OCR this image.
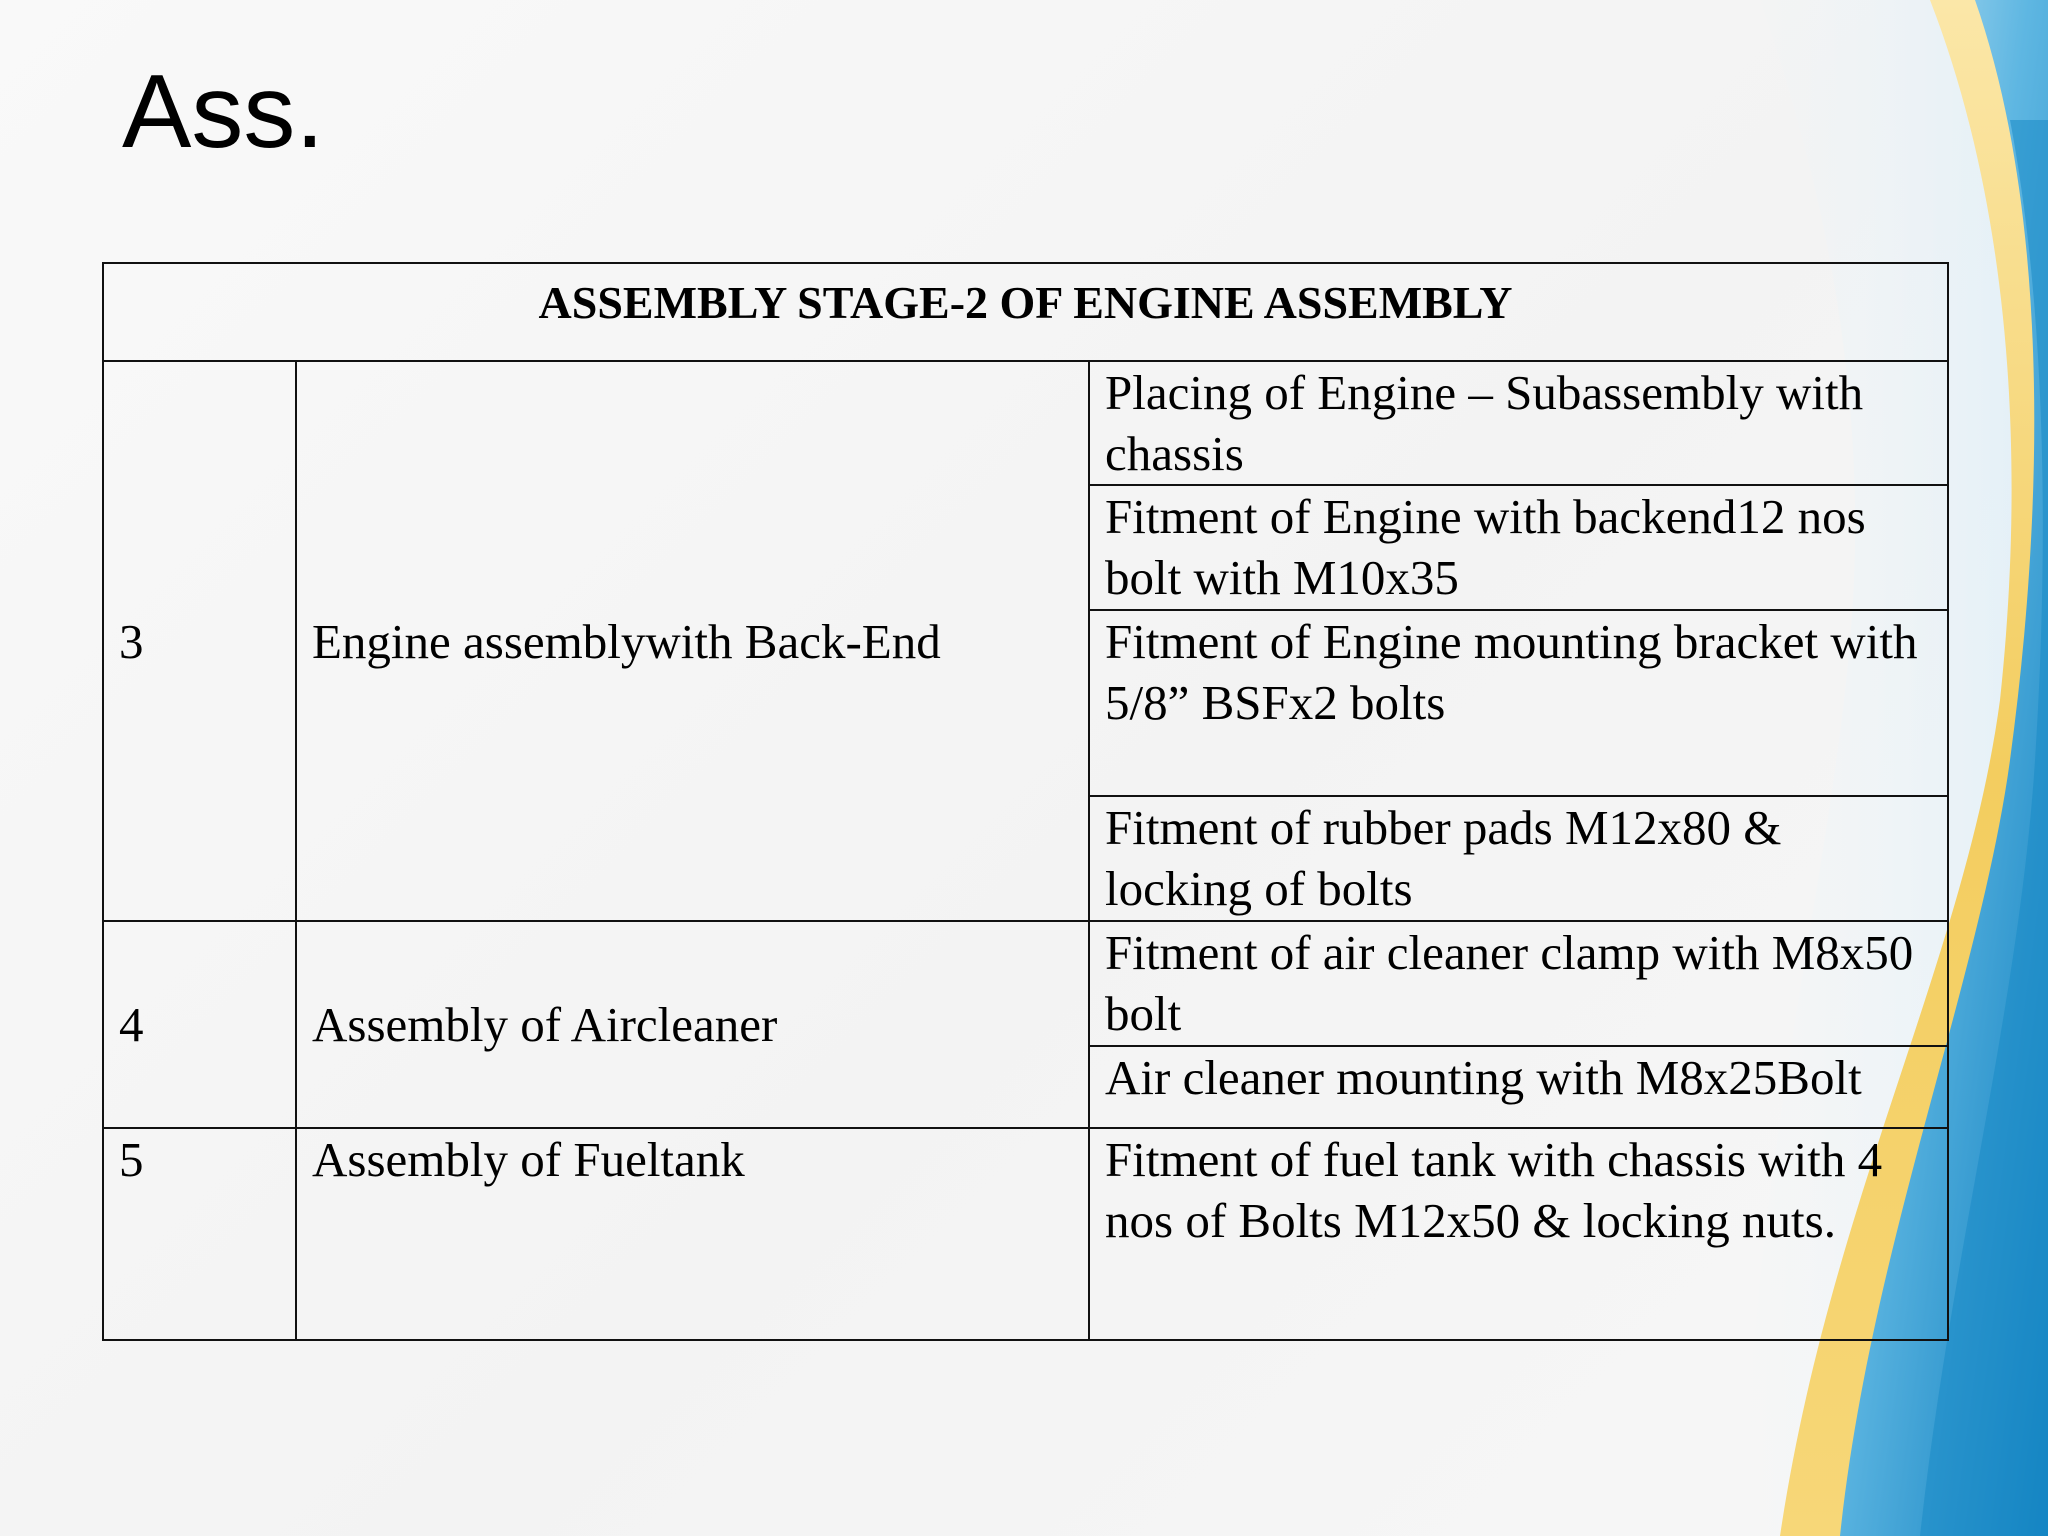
Ass.
ASSEMBLY STAGE-2 OF ENGINE ASSEMBLY		
3	Engine assemblywith Back-End	Placing of Engine – Subassembly with chassis
		Fitment of Engine with backend12 nos bolt with M10x35
		Fitment of Engine mounting bracket with 5/8” BSFx2 bolts
		Fitment of rubber pads M12x80 & locking of bolts
4	Assembly of Aircleaner	Fitment of air cleaner clamp with M8x50 bolt
		Air cleaner mounting with M8x25Bolt
5	Assembly of Fueltank	Fitment of fuel tank with chassis with 4 nos of Bolts M12x50 & locking nuts.
